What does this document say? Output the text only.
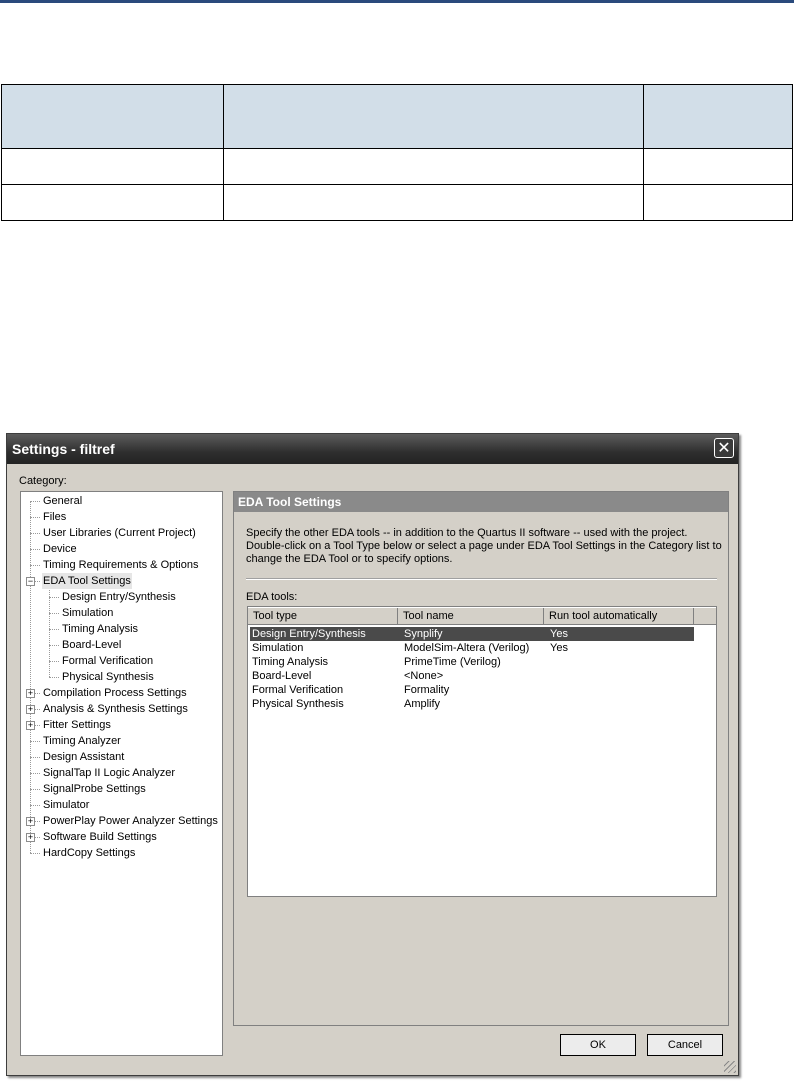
Settings - filtref	✕
Category:
General
Files
User Libraries (Current Project)
Device
Timing Requirements & Options
− EDA Tool Settings
Design Entry/Synthesis
Simulation
Timing Analysis
Board-Level
Formal Verification
Physical Synthesis
+ Compilation Process Settings
+ Analysis & Synthesis Settings
+ Fitter Settings
Timing Analyzer
Design Assistant
SignalTap II Logic Analyzer
SignalProbe Settings
Simulator
+ PowerPlay Power Analyzer Settings
+ Software Build Settings
HardCopy Settings
EDA Tool Settings
Specify the other EDA tools -- in addition to the Quartus II software -- used with the project.
Double-click on a Tool Type below or select a page under EDA Tool Settings in the Category list to
change the EDA Tool or to specify options.
EDA tools:
Tool type	Tool name	Run tool automatically
Design Entry/Synthesis	Synplify	Yes
Simulation	ModelSim-Altera (Verilog) Yes
Timing Analysis	PrimeTime (Verilog)
Board-Level	<None>
Formal Verification	Formality
Physical Synthesis	Amplify
OK	Cancel
